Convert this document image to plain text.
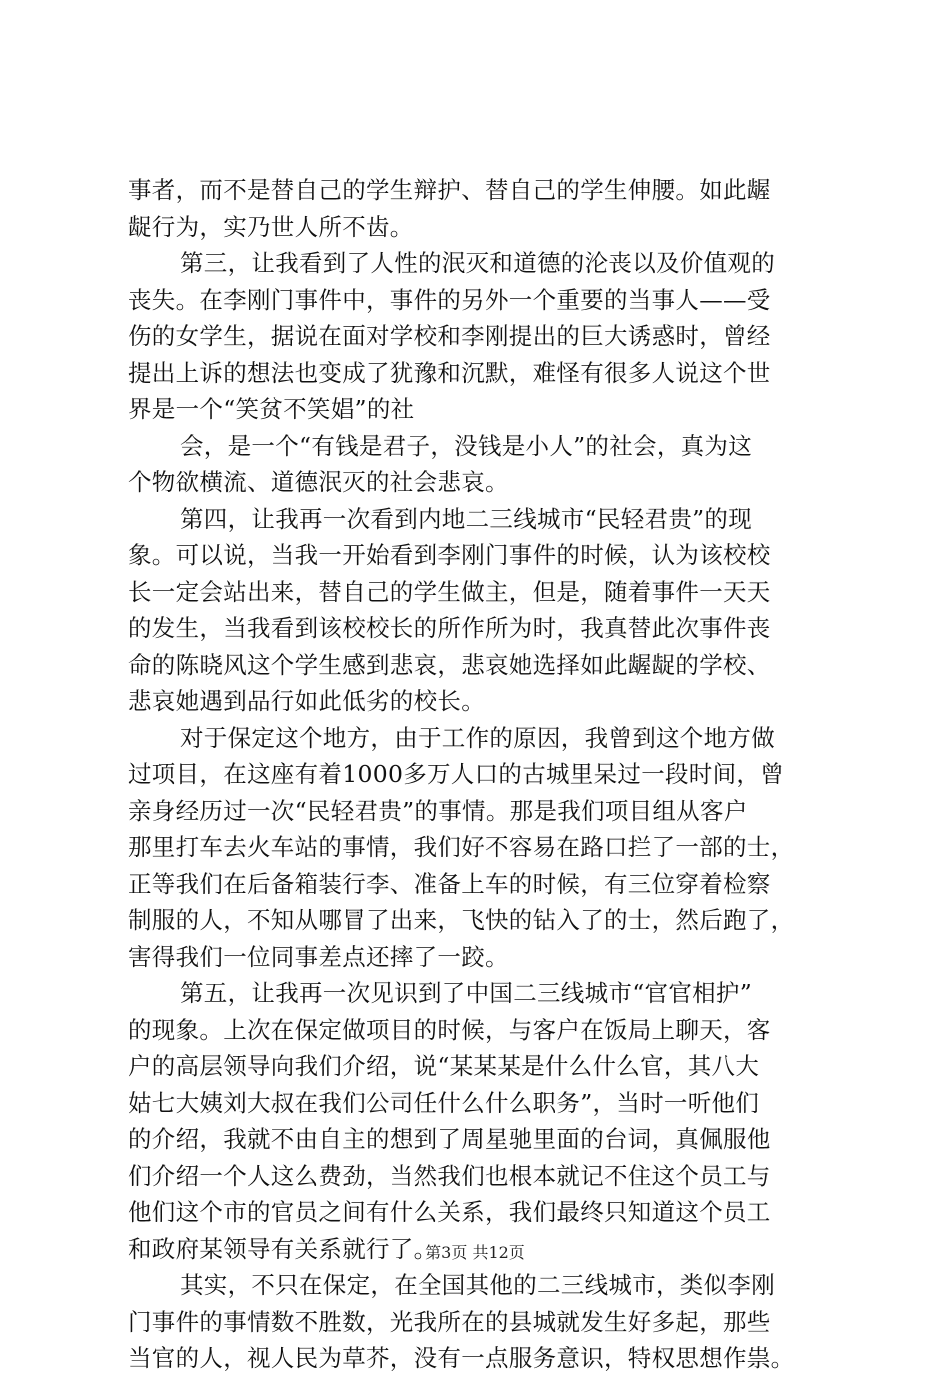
事者，而不是替自己的学生辩护、替自己的学生伸腰。如此龌
龊行为，实乃世人所不齿。
第三，让我看到了人性的泯灭和道德的沦丧以及价值观的
丧失。在李刚门事件中，事件的另外一个重要的当事人——受
伤的女学生，据说在面对学校和李刚提出的巨大诱惑时，曾经
提出上诉的想法也变成了犹豫和沉默，难怪有很多人说这个世
界是一个“笑贫不笑娼”的社
会，是一个“有钱是君子，没钱是小人”的社会，真为这
个物欲横流、道德泯灭的社会悲哀。
第四，让我再一次看到内地二三线城市“民轻君贵”的现
象。可以说，当我一开始看到李刚门事件的时候，认为该校校
长一定会站出来，替自己的学生做主，但是，随着事件一天天
的发生，当我看到该校校长的所作所为时，我真替此次事件丧
命的陈晓风这个学生感到悲哀，悲哀她选择如此龌龊的学校、
悲哀她遇到品行如此低劣的校长。
对于保定这个地方，由于工作的原因，我曾到这个地方做
过项目，在这座有着1000多万人口的古城里呆过一段时间，曾
亲身经历过一次“民轻君贵”的事情。那是我们项目组从客户
那里打车去火车站的事情，我们好不容易在路口拦了一部的士，
正等我们在后备箱装行李、准备上车的时候，有三位穿着检察
制服的人，不知从哪冒了出来，飞快的钻入了的士，然后跑了，
害得我们一位同事差点还摔了一跤。
第五，让我再一次见识到了中国二三线城市“官官相护”
的现象。上次在保定做项目的时候，与客户在饭局上聊天，客
户的高层领导向我们介绍，说“某某某是什么什么官，其八大
姑七大姨刘大叔在我们公司任什么什么职务”，当时一听他们
的介绍，我就不由自主的想到了周星驰里面的台词，真佩服他
们介绍一个人这么费劲，当然我们也根本就记不住这个员工与
他们这个市的官员之间有什么关系，我们最终只知道这个员工
和政府某领导有关系就行了。
其实，不只在保定，在全国其他的二三线城市，类似李刚
门事件的事情数不胜数，光我所在的县城就发生好多起，那些
当官的人，视人民为草芥，没有一点服务意识，特权思想作祟。
第3页 共12页
